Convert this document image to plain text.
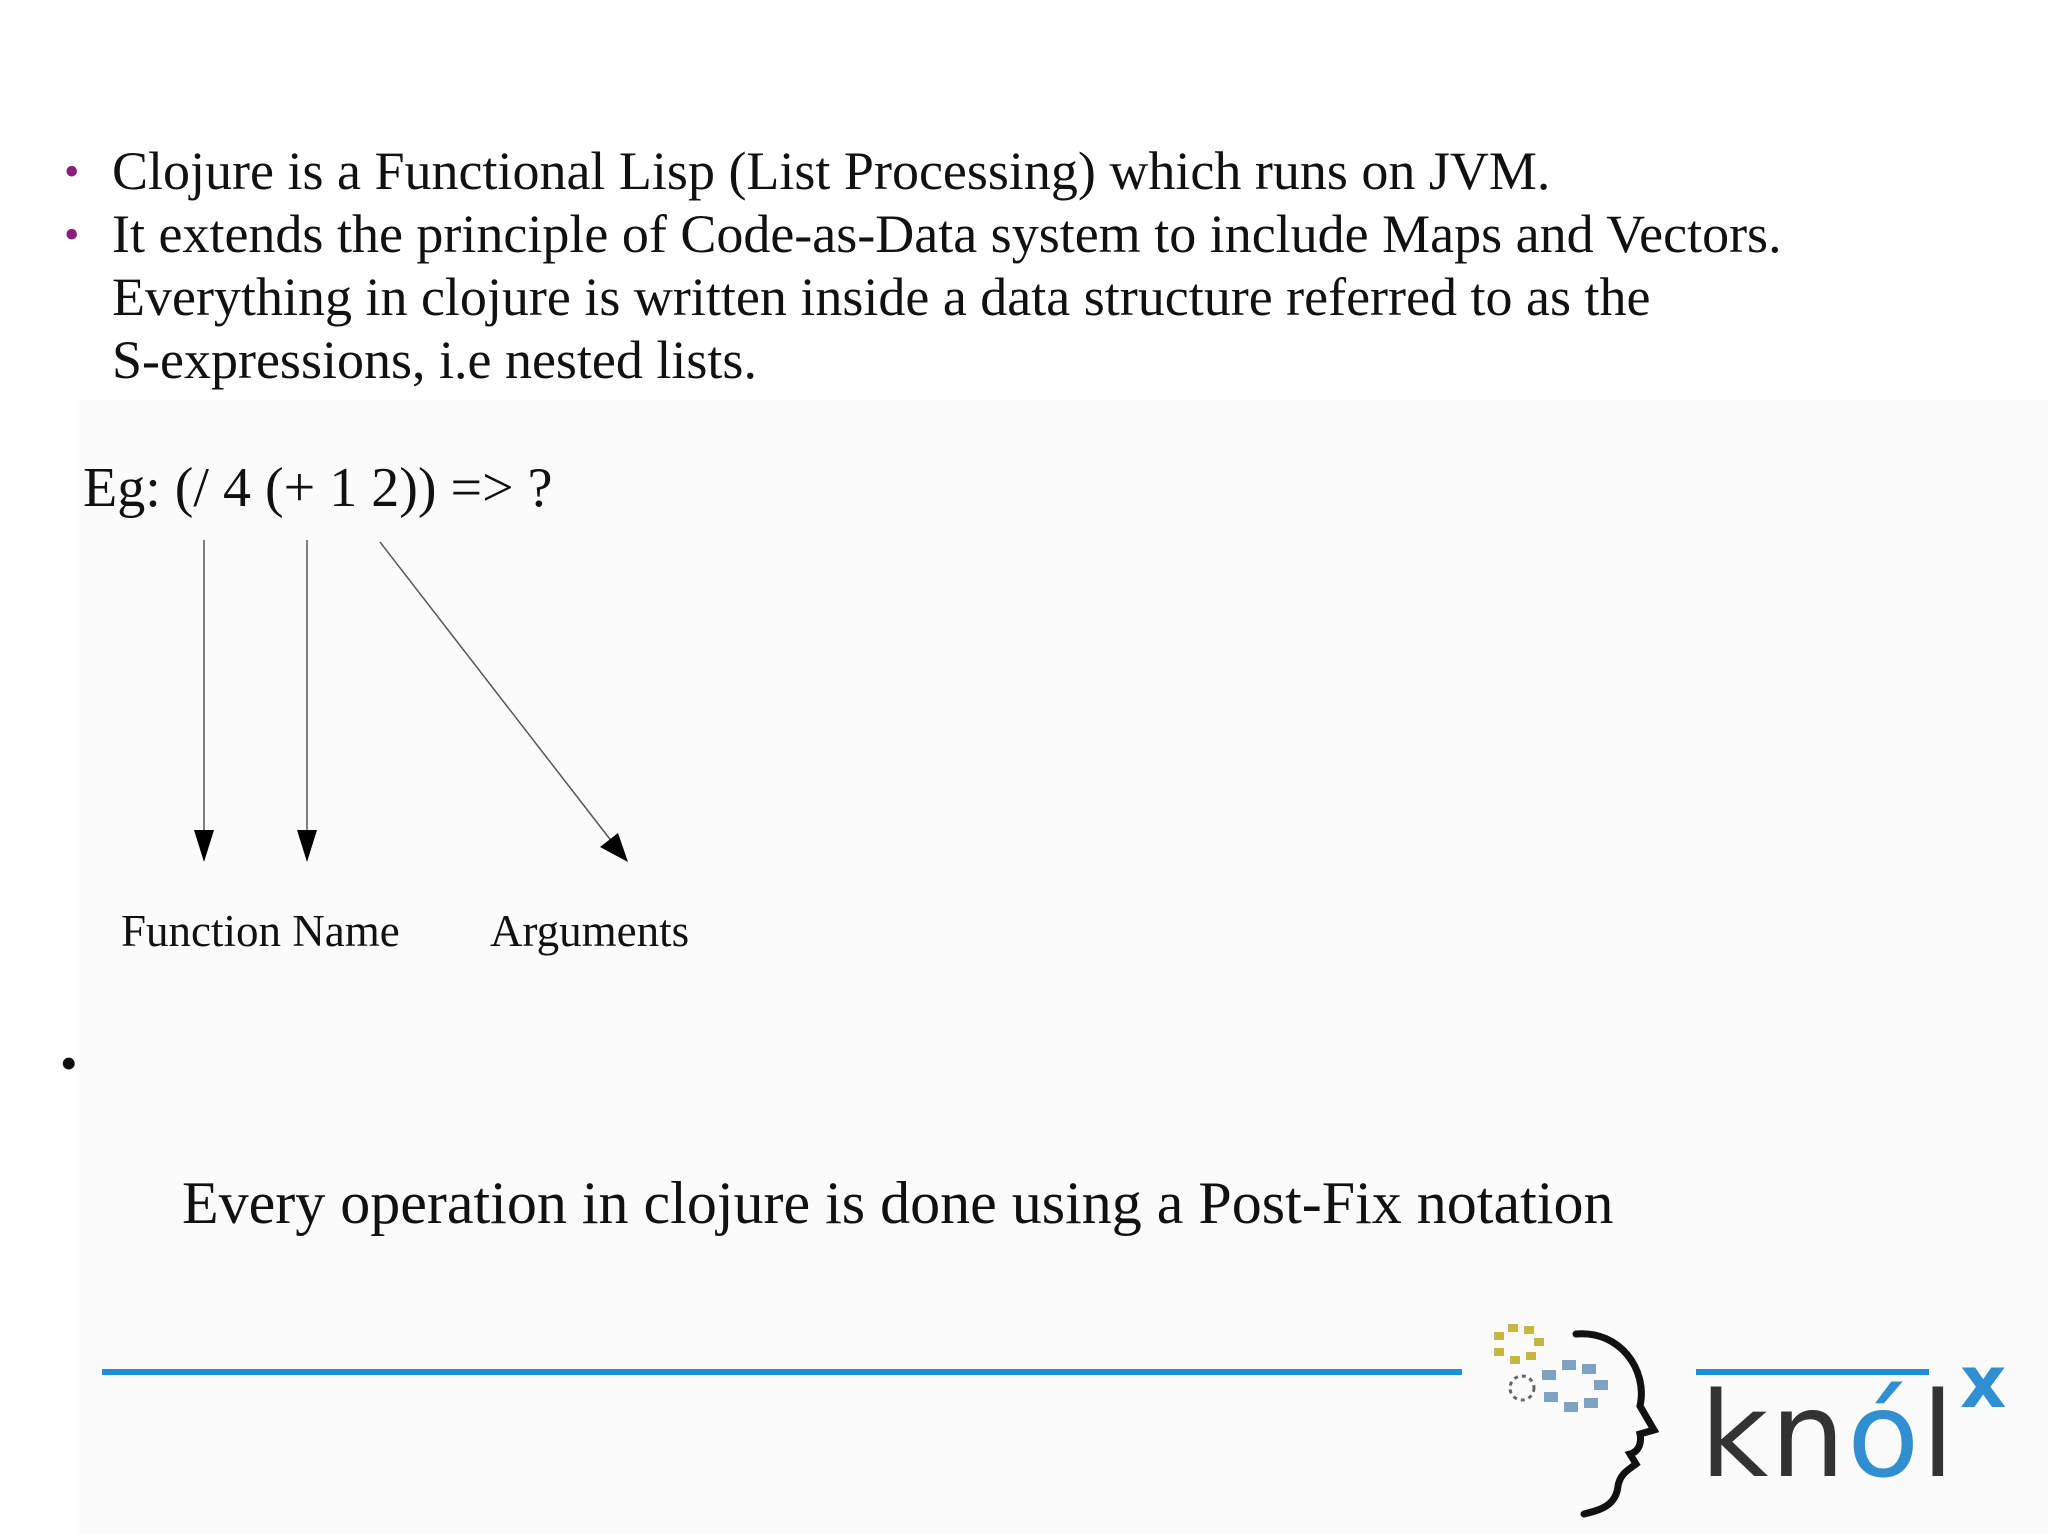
• Clojure is a Functional Lisp (List Processing) which runs on JVM.
• It extends the principle of Code-as-Data system to include Maps and Vectors.
Everything in clojure is written inside a data structure referred to as the
S-expressions, i.e nested lists.
Eg: (/ 4 (+ 1 2)) => ?
Function Name Arguments

•

Every operation in clojure is done using a Post-Fix notation

knól x
